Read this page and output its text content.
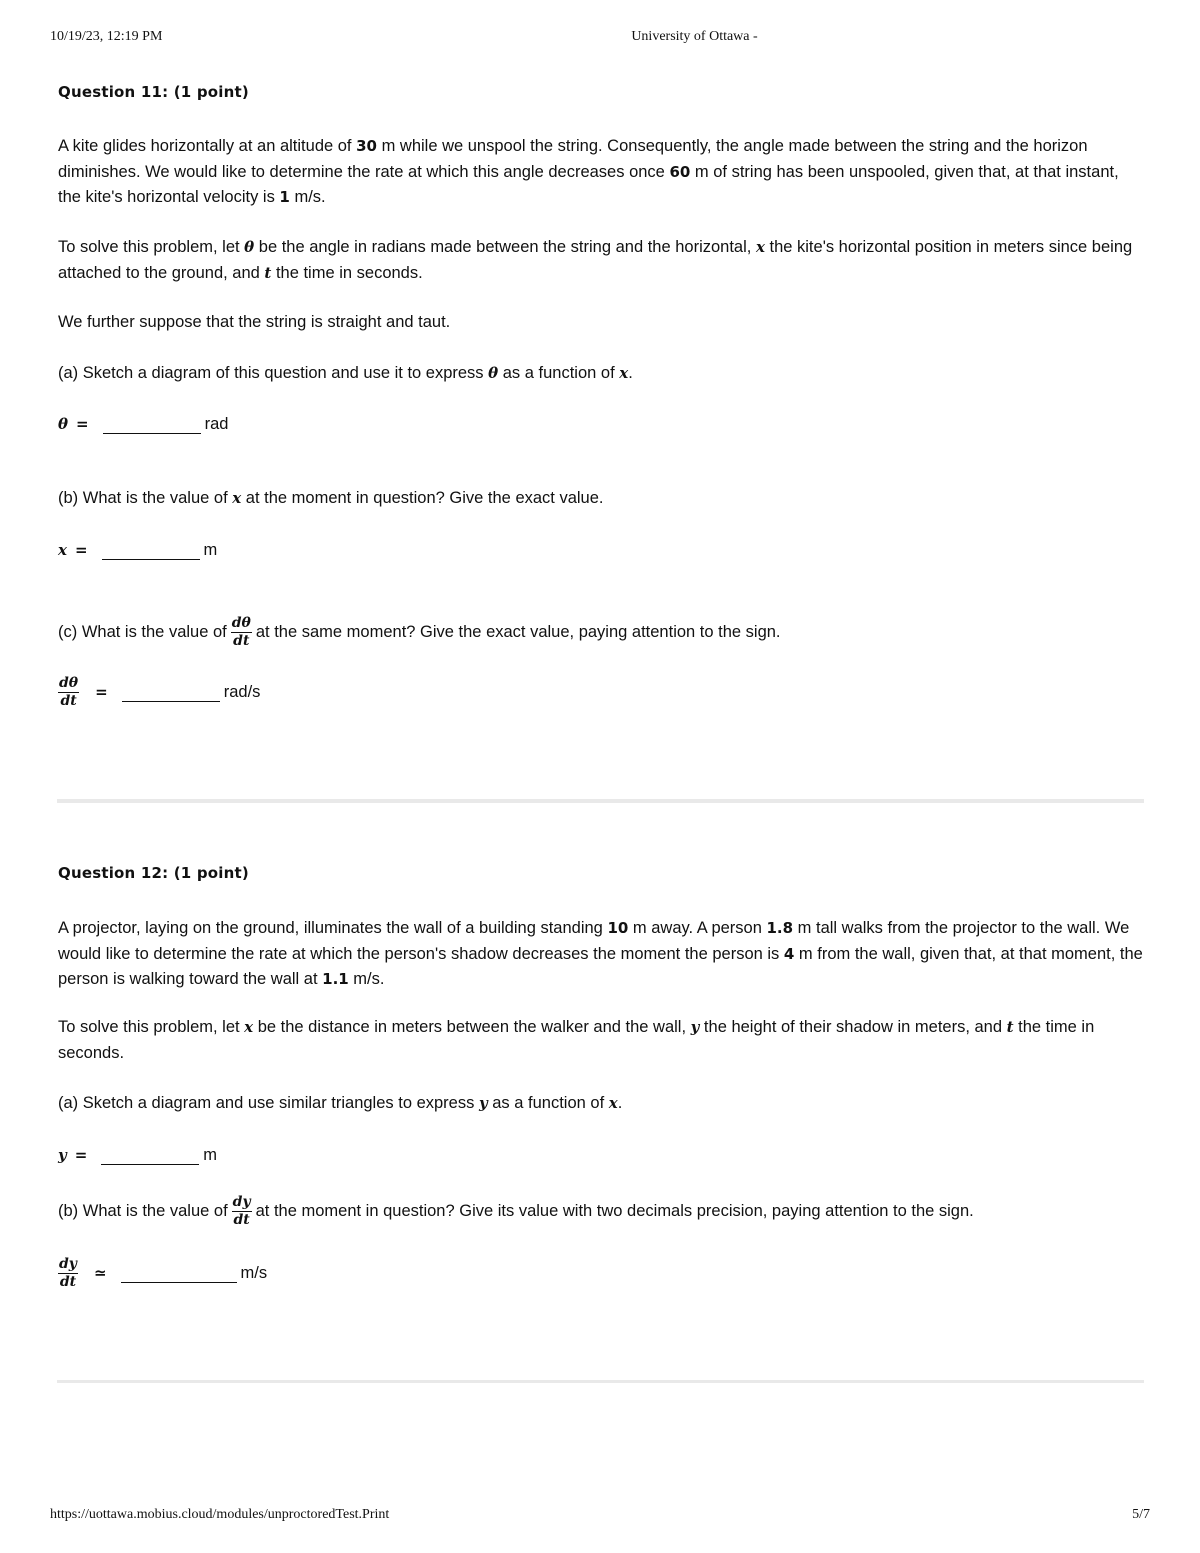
10/19/23, 12:19 PM	University of Ottawa -
https://uottawa.mobius.cloud/modules/unproctoredTest.Print	5/7
Question 11: (1 point)
A kite glides horizontally at an altitude of 30 m while we unspool the string. Consequently, the angle made between the string and the horizon diminishes. We would like to determine the rate at which this angle decreases once 60 m of string has been unspooled, given that, at that instant, the kite's horizontal velocity is 1 m/s.
To solve this problem, let θ be the angle in radians made between the string and the horizontal, x the kite's horizontal position in meters since being attached to the ground, and t the time in seconds.
We further suppose that the string is straight and taut.
(a) Sketch a diagram of this question and use it to express θ as a function of x.
θ =	rad
(b) What is the value of x at the moment in question? Give the exact value.
x =	m
(c) What is the value of $\frac{d\theta}{dt}$ at the same moment? Give the exact value, paying attention to the sign.
$\frac{d\theta}{dt}$ =	rad/s
Question 12: (1 point)
A projector, laying on the ground, illuminates the wall of a building standing 10 m away. A person 1.8 m tall walks from the projector to the wall. We would like to determine the rate at which the person's shadow decreases the moment the person is 4 m from the wall, given that, at that moment, the person is walking toward the wall at 1.1 m/s.
To solve this problem, let x be the distance in meters between the walker and the wall, y the height of their shadow in meters, and t the time in seconds.
(a) Sketch a diagram and use similar triangles to express y as a function of x.
y =	m
(b) What is the value of $\frac{dy}{dt}$ at the moment in question? Give its value with two decimals precision, paying attention to the sign.
$\frac{dy}{dt}$ ≃	m/s
